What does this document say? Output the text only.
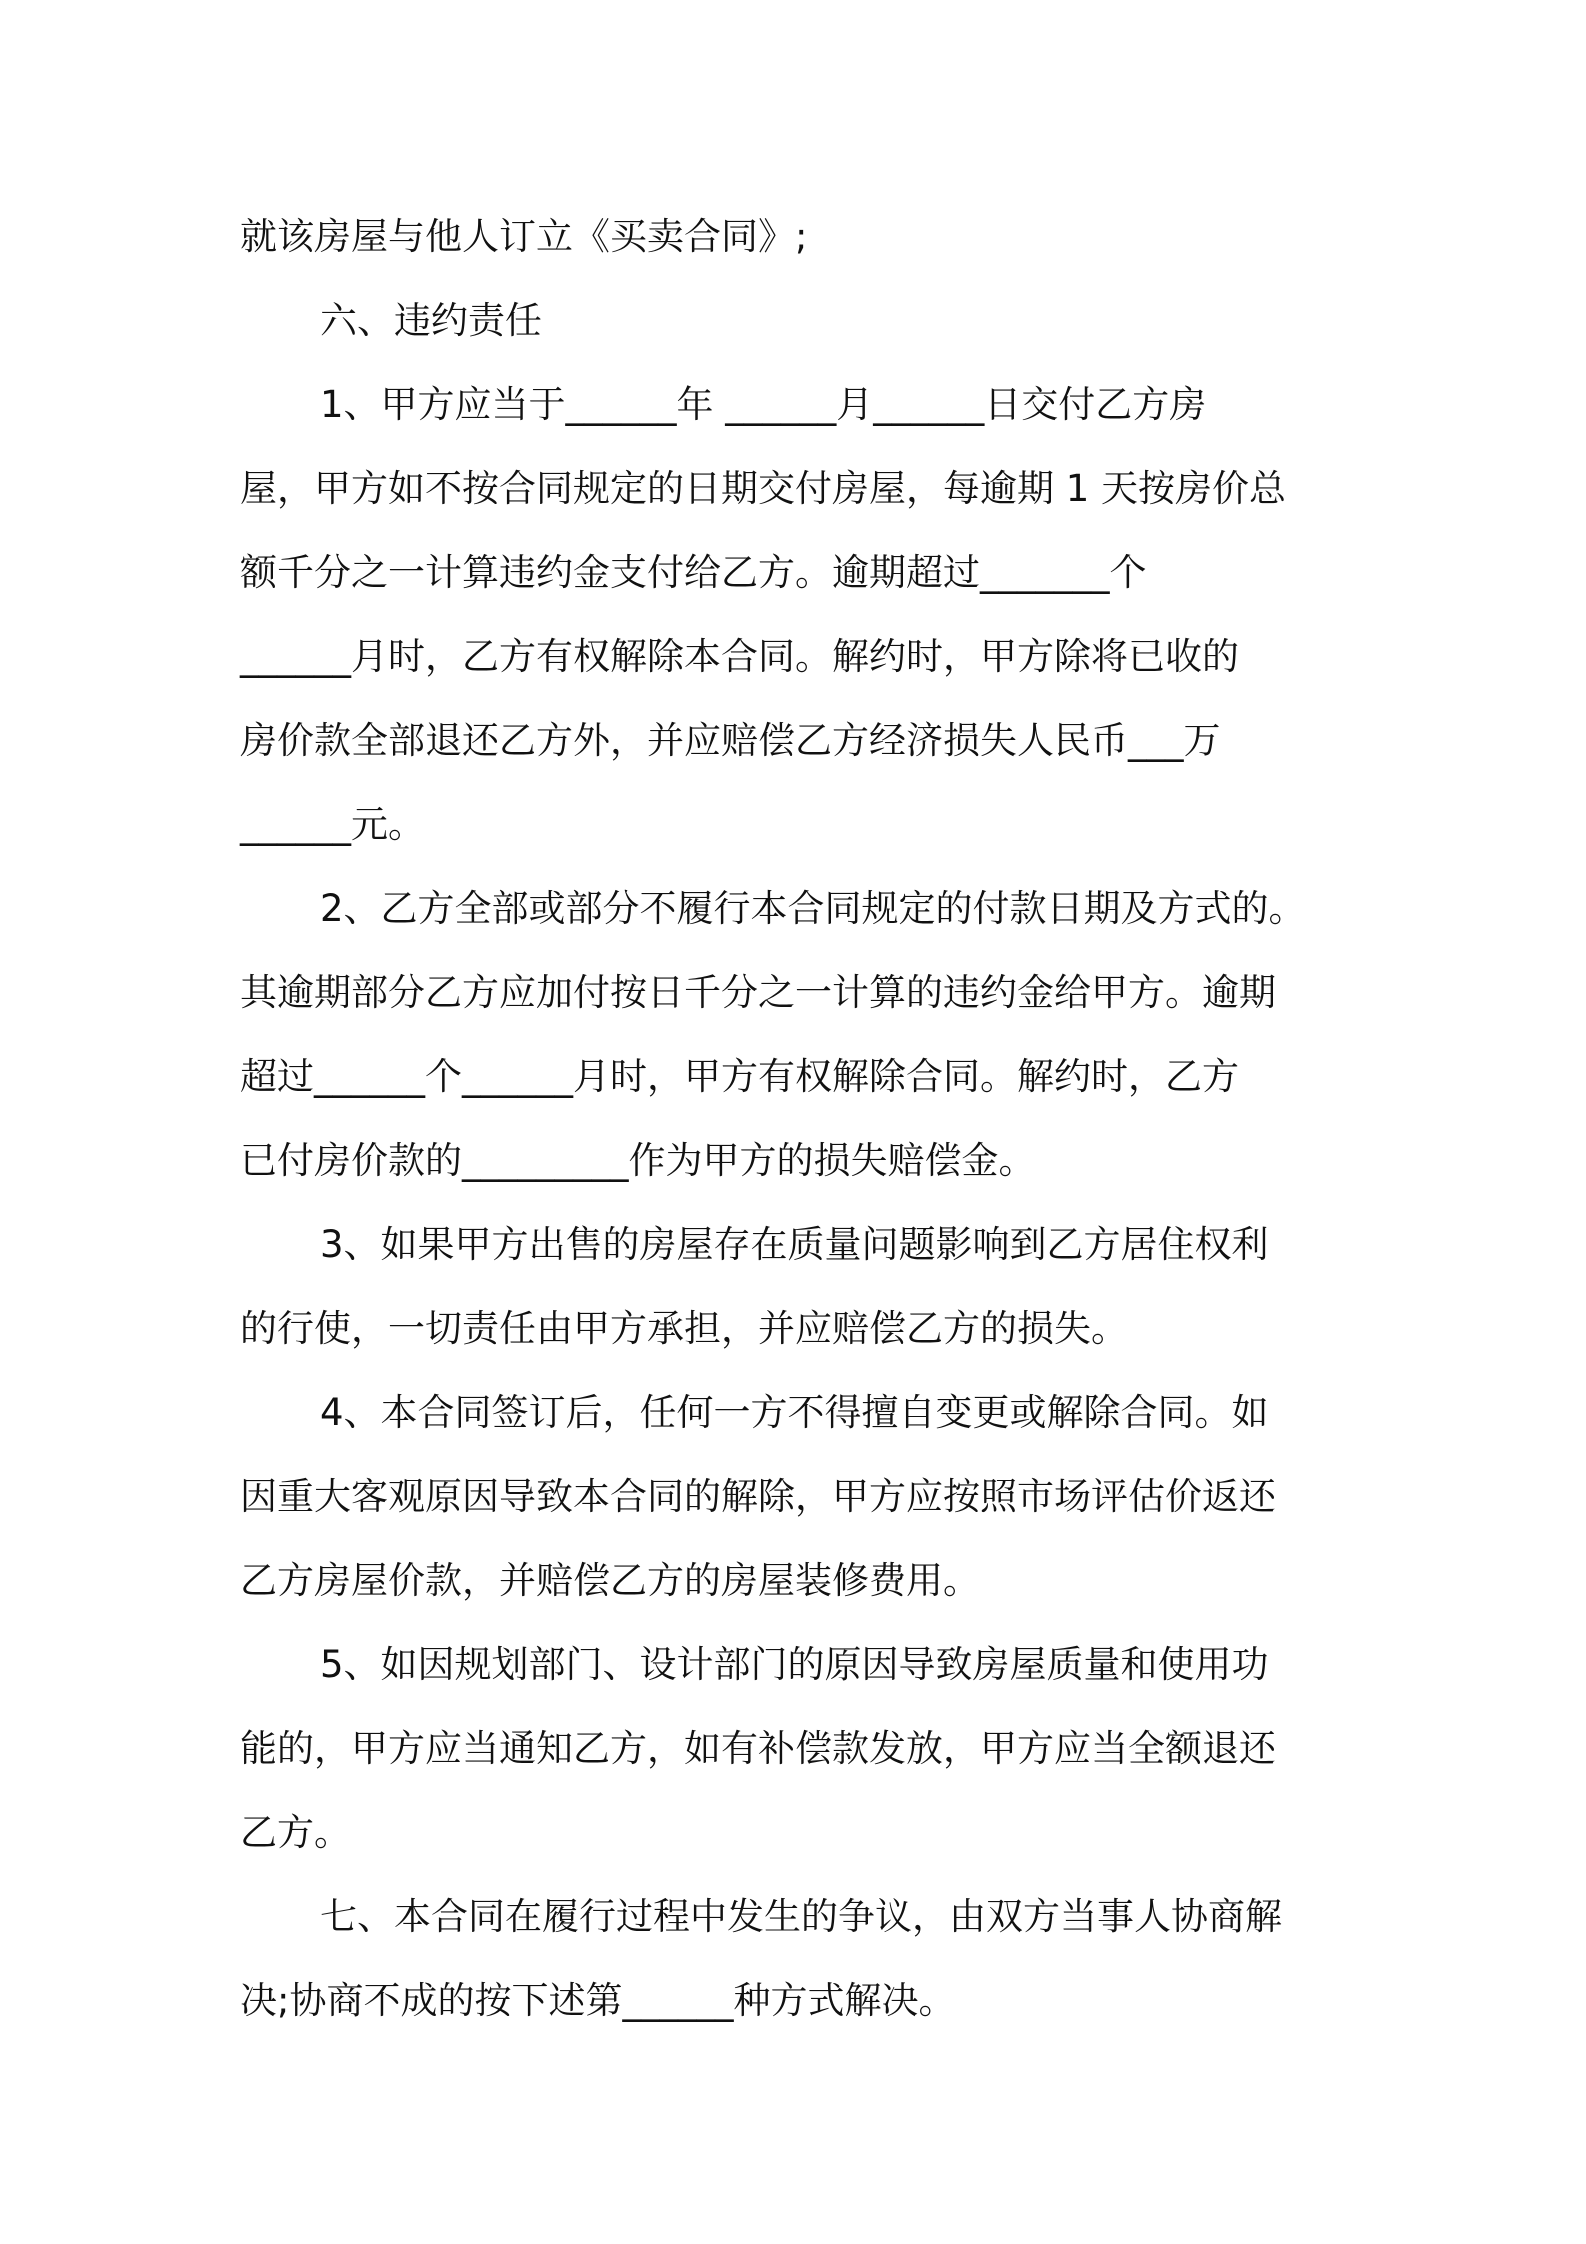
就该房屋与他人订立《买卖合同》;
六、违约责任
1、甲方应当于______年 ______月______日交付乙方房
屋，甲方如不按合同规定的日期交付房屋，每逾期 1 天按房价总
额千分之一计算违约金支付给乙方。逾期超过_______个
______月时，乙方有权解除本合同。解约时，甲方除将已收的
房价款全部退还乙方外，并应赔偿乙方经济损失人民币___万
______元。
2、乙方全部或部分不履行本合同规定的付款日期及方式的。
其逾期部分乙方应加付按日千分之一计算的违约金给甲方。逾期
超过______个______月时，甲方有权解除合同。解约时，乙方
已付房价款的_________作为甲方的损失赔偿金。
3、如果甲方出售的房屋存在质量问题影响到乙方居住权利
的行使，一切责任由甲方承担，并应赔偿乙方的损失。
4、本合同签订后，任何一方不得擅自变更或解除合同。如
因重大客观原因导致本合同的解除，甲方应按照市场评估价返还
乙方房屋价款，并赔偿乙方的房屋装修费用。
5、如因规划部门、设计部门的原因导致房屋质量和使用功
能的，甲方应当通知乙方，如有补偿款发放，甲方应当全额退还
乙方。
七、本合同在履行过程中发生的争议，由双方当事人协商解
决;协商不成的按下述第______种方式解决。
